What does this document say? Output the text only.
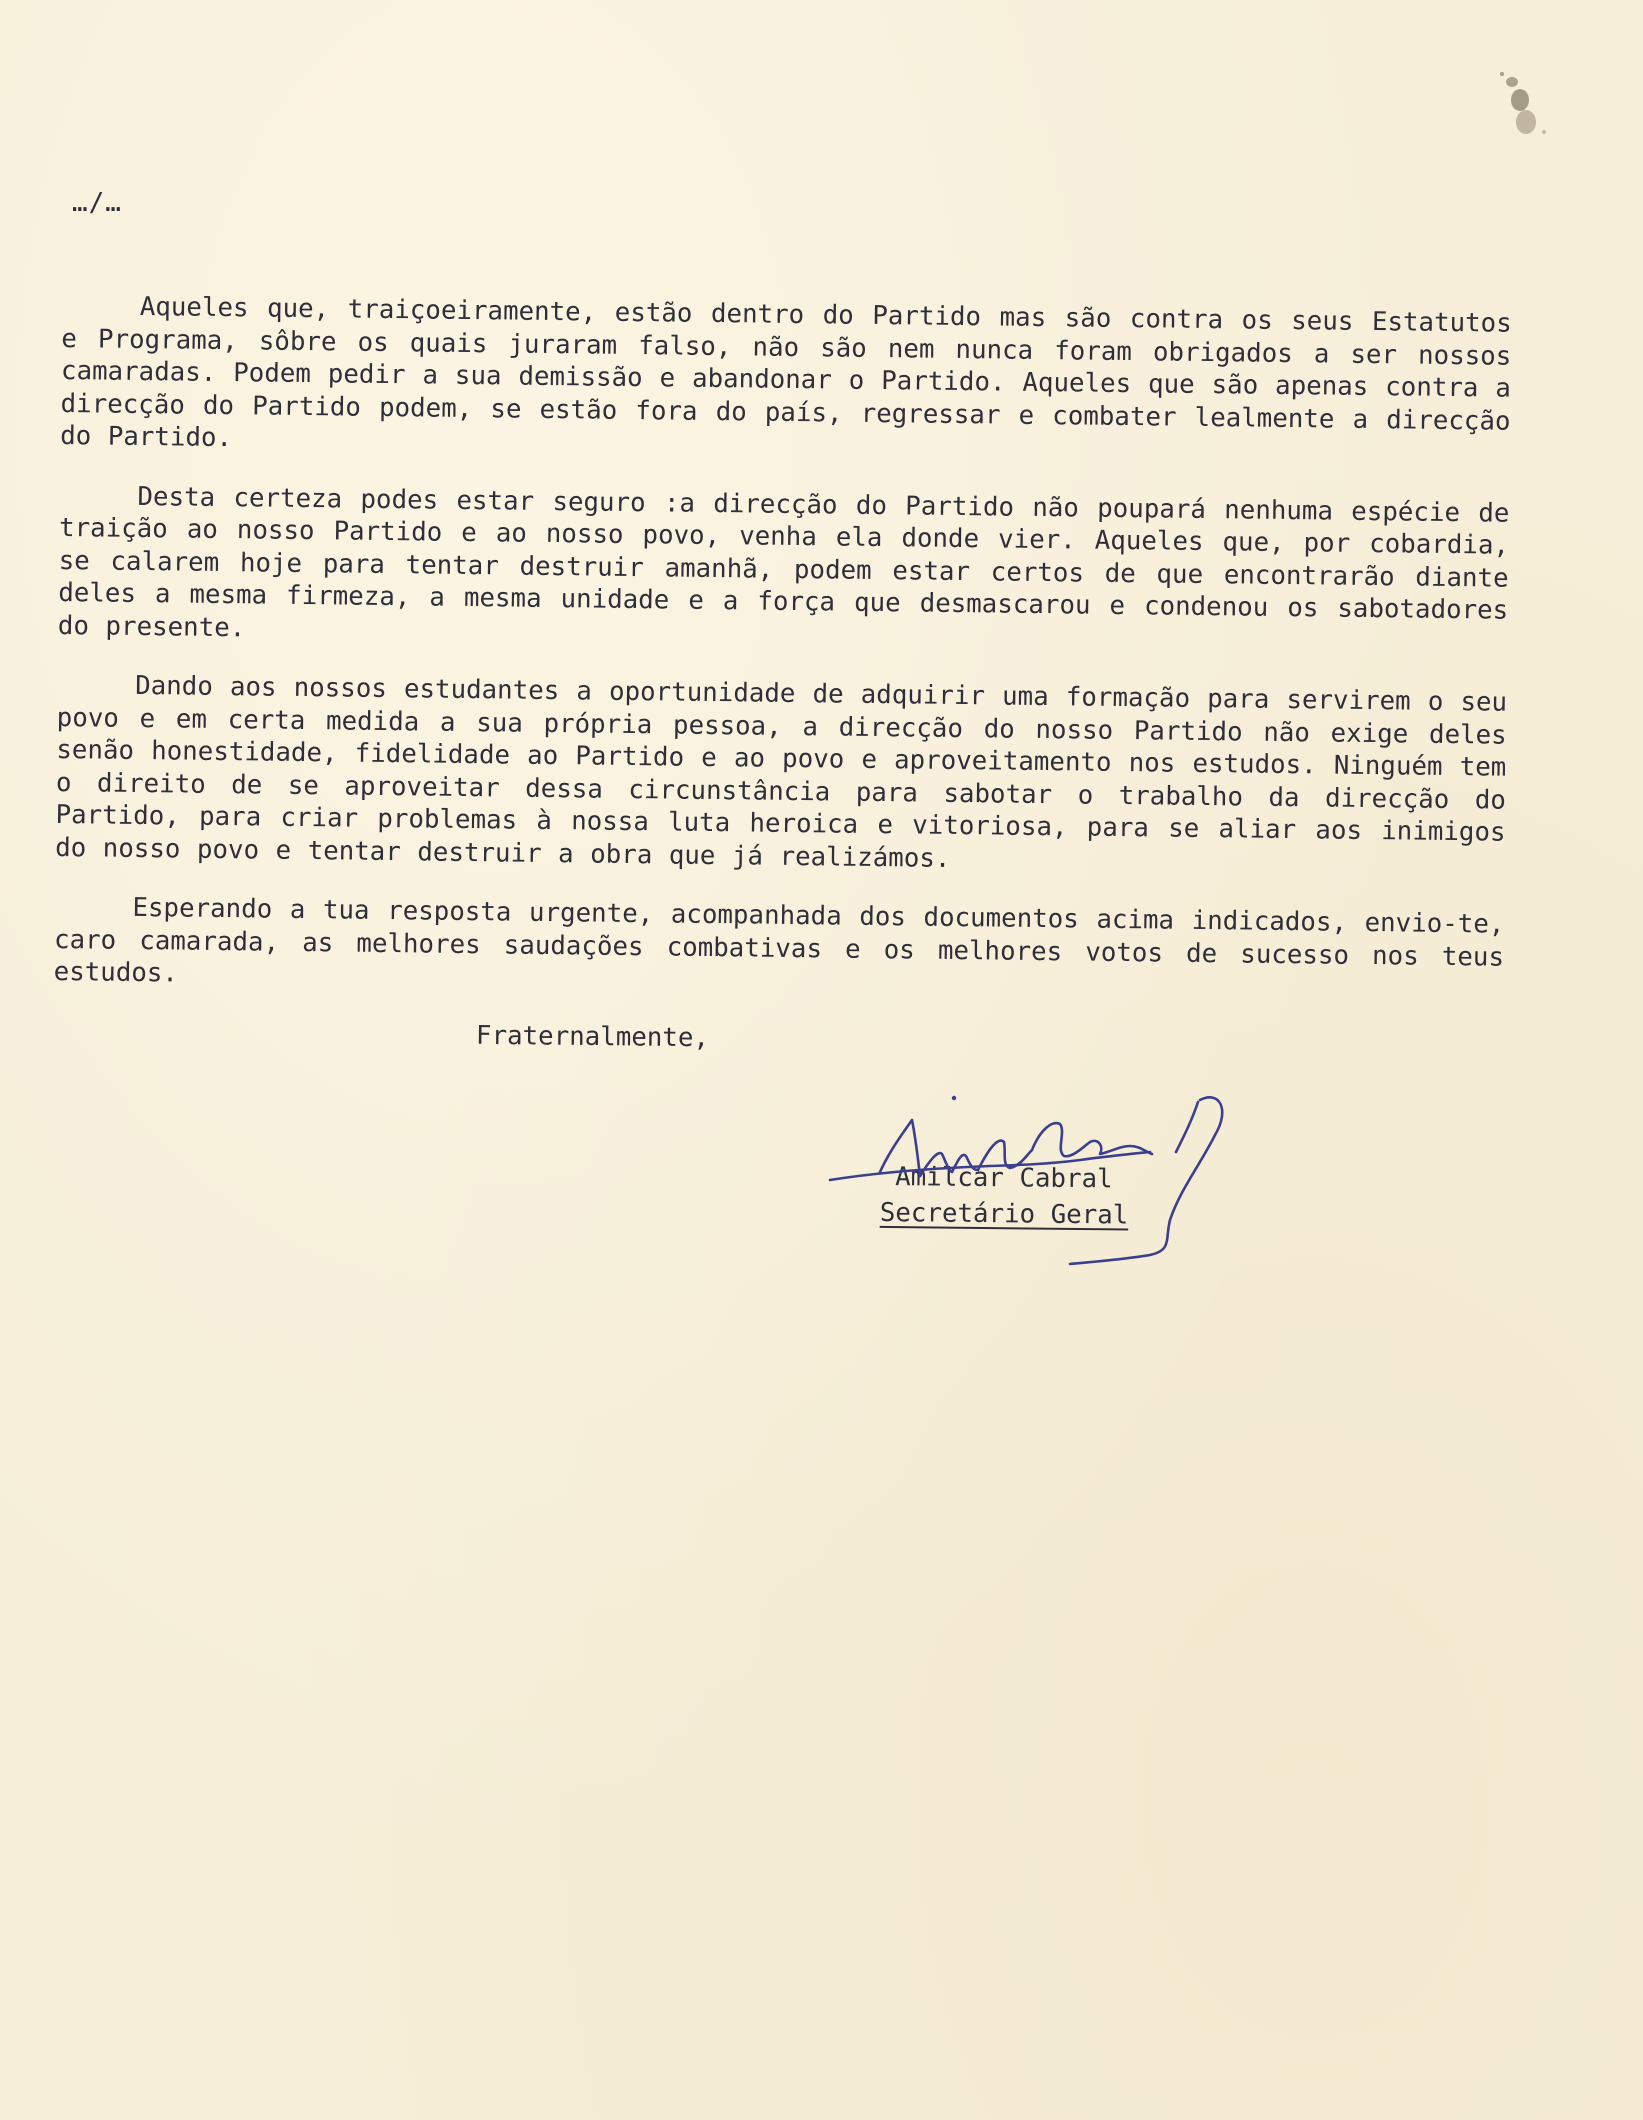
…/…

Aqueles que, traiçoeiramente, estão dentro do Partido mas são contra os seus Estatutos e Programa, sôbre os quais juraram falso, não são nem nunca foram obrigados a ser nossos camaradas. Podem pedir a sua demissão e abandonar o Partido. Aqueles que são apenas contra a direcção do Partido podem, se estão fora do país, regressar e combater lealmente a direcção do Partido.

Desta certeza podes estar seguro :a direcção do Partido não poupará nenhuma espécie de traição ao nosso Partido e ao nosso povo, venha ela donde vier. Aqueles que, por cobardia, se calarem hoje para tentar destruir amanhã, podem estar certos de que encontrarão diante deles a mesma firmeza, a mesma unidade e a força que desmascarou e condenou os sabotadores do presente.

Dando aos nossos estudantes a oportunidade de adquirir uma formação para servirem o seu povo e em certa medida a sua própria pessoa, a direcção do nosso Partido não exige deles senão honestidade, fidelidade ao Partido e ao povo e aproveitamento nos estudos. Ninguém tem o direito de se aproveitar dessa circunstância para sabotar o trabalho da direcção do Partido, para criar problemas à nossa luta heroica e vitoriosa, para se aliar aos inimigos do nosso povo e tentar destruir a obra que já realizámos.

Esperando a tua resposta urgente, acompanhada dos documentos acima indicados, envio-te, caro camarada, as melhores saudações combativas e os melhores votos de sucesso nos teus estudos.

Fraternalmente,
Amilcar Cabral
Secretário Geral
